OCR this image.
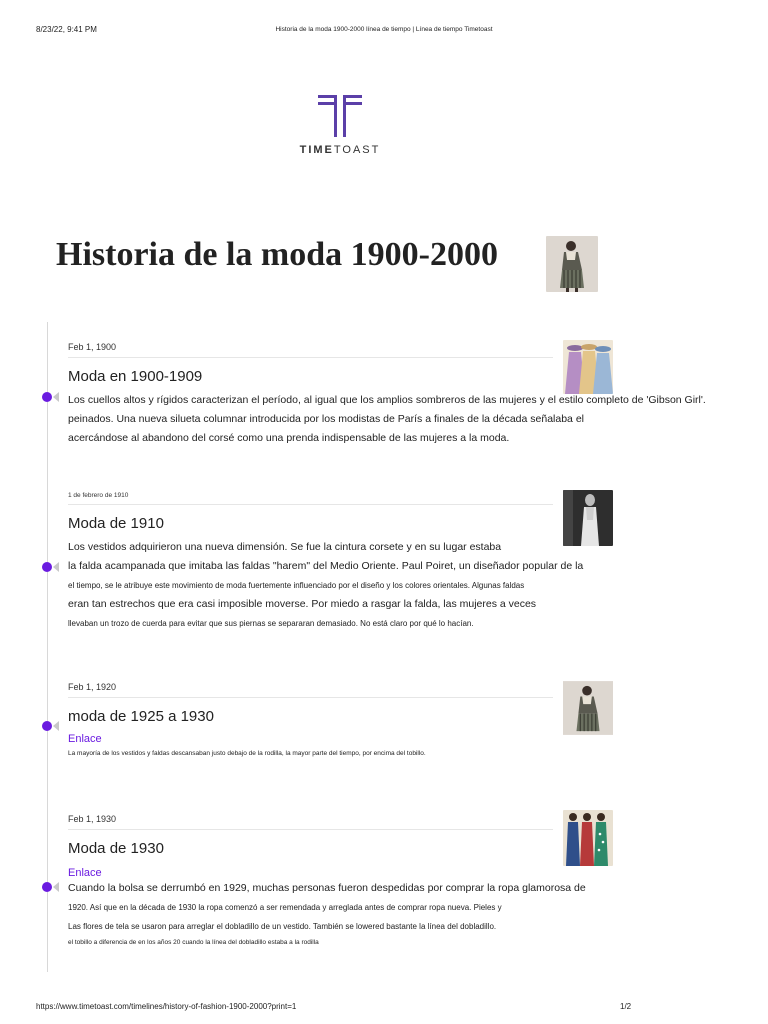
8/23/22, 9:41 PM	Historia de la moda 1900-2000 línea de tiempo | Línea de tiempo Timetoast
TIMETOAST
Historia de la moda 1900-2000
Feb 1, 1900
Moda en 1900-1909
Los cuellos altos y rígidos caracterizan el período, al igual que los amplios sombreros de las mujeres y el estilo completo de 'Gibson Girl'.
peinados. Una nueva silueta columnar introducida por los modistas de París a finales de la década señalaba el
acercándose al abandono del corsé como una prenda indispensable de las mujeres a la moda.
1 de febrero de 1910
Moda de 1910
Los vestidos adquirieron una nueva dimensión. Se fue la cintura corsete y en su lugar estaba
la falda acampanada que imitaba las faldas "harem" del Medio Oriente. Paul Poiret, un diseñador popular de la
el tiempo, se le atribuye este movimiento de moda fuertemente influenciado por el diseño y los colores orientales. Algunas faldas
eran tan estrechos que era casi imposible moverse. Por miedo a rasgar la falda, las mujeres a veces
llevaban un trozo de cuerda para evitar que sus piernas se separaran demasiado. No está claro por qué lo hacían.
Feb 1, 1920
moda de 1925 a 1930
Enlace
La mayoría de los vestidos y faldas descansaban justo debajo de la rodilla, la mayor parte del tiempo, por encima del tobillo.
Feb 1, 1930
Moda de 1930
Enlace
Cuando la bolsa se derrumbó en 1929, muchas personas fueron despedidas por comprar la ropa glamorosa de
1920. Así que en la década de 1930 la ropa comenzó a ser remendada y arreglada antes de comprar ropa nueva. Pieles y
Las flores de tela se usaron para arreglar el dobladillo de un vestido. También se lowered bastante la línea del dobladillo.
el tobillo a diferencia de en los años 20 cuando la línea del dobladillo estaba a la rodilla
https://www.timetoast.com/timelines/history-of-fashion-1900-2000?print=1	1/2
